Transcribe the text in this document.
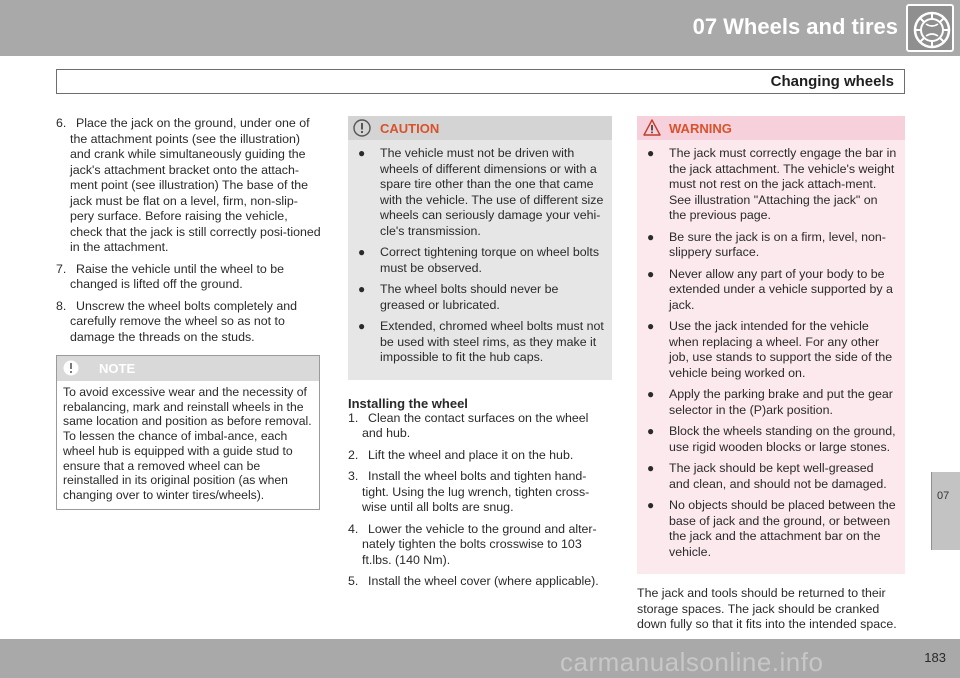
07 Wheels and tires
Changing wheels
07
6. Place the jack on the ground, under one of the attachment points (see the illustration) and crank while simultaneously guiding the jack's attachment bracket onto the attach-ment point (see illustration) The base of the jack must be flat on a level, firm, non-slip-pery surface. Before raising the vehicle, check that the jack is still correctly posi-tioned in the attachment.
7. Raise the vehicle until the wheel to be changed is lifted off the ground.
8. Unscrew the wheel bolts completely and carefully remove the wheel so as not to damage the threads on the studs.
NOTE
To avoid excessive wear and the necessity of rebalancing, mark and reinstall wheels in the same location and position as before removal. To lessen the chance of imbal-ance, each wheel hub is equipped with a guide stud to ensure that a removed wheel can be reinstalled in its original position (as when changing over to winter tires/wheels).
CAUTION
● The vehicle must not be driven with wheels of different dimensions or with a spare tire other than the one that came with the vehicle. The use of different size wheels can seriously damage your vehi-cle's transmission.
● Correct tightening torque on wheel bolts must be observed.
● The wheel bolts should never be greased or lubricated.
● Extended, chromed wheel bolts must not be used with steel rims, as they make it impossible to fit the hub caps.
Installing the wheel
1. Clean the contact surfaces on the wheel and hub.
2. Lift the wheel and place it on the hub.
3. Install the wheel bolts and tighten hand-tight. Using the lug wrench, tighten cross-wise until all bolts are snug.
4. Lower the vehicle to the ground and alter-nately tighten the bolts crosswise to 103 ft.lbs. (140 Nm).
5. Install the wheel cover (where applicable).
WARNING
● The jack must correctly engage the bar in the jack attachment. The vehicle's weight must not rest on the jack attach-ment. See illustration "Attaching the jack" on the previous page.
● Be sure the jack is on a firm, level, non-slippery surface.
● Never allow any part of your body to be extended under a vehicle supported by a jack.
● Use the jack intended for the vehicle when replacing a wheel. For any other job, use stands to support the side of the vehicle being worked on.
● Apply the parking brake and put the gear selector in the (P)ark position.
● Block the wheels standing on the ground, use rigid wooden blocks or large stones.
● The jack should be kept well-greased and clean, and should not be damaged.
● No objects should be placed between the base of jack and the ground, or between the jack and the attachment bar on the vehicle.
The jack and tools should be returned to their storage spaces. The jack should be cranked down fully so that it fits into the intended space.
carmanualsonline.info	183
